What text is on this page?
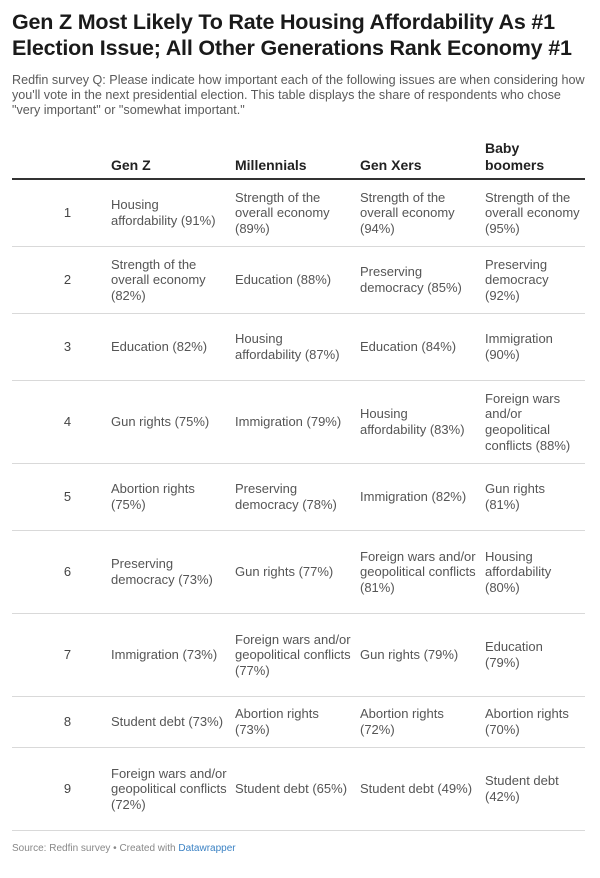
Gen Z Most Likely To Rate Housing Affordability As #1 Election Issue; All Other Generations Rank Economy #1
Redfin survey Q: Please indicate how important each of the following issues are when considering how you'll vote in the next presidential election. This table displays the share of respondents who chose "very important" or "somewhat important."
	Gen Z	Millennials	Gen Xers	Baby boomers
1	Housing affordability (91%)	Strength of the overall economy (89%)	Strength of the overall economy (94%)	Strength of the overall economy (95%)
2	Strength of the overall economy (82%)	Education (88%)	Preserving democracy (85%)	Preserving democracy (92%)
3	Education (82%)	Housing affordability (87%)	Education (84%)	Immigration (90%)
4	Gun rights (75%)	Immigration (79%)	Housing affordability (83%)	Foreign wars and/or geopolitical conflicts (88%)
5	Abortion rights (75%)	Preserving democracy (78%)	Immigration (82%)	Gun rights (81%)
6	Preserving democracy (73%)	Gun rights (77%)	Foreign wars and/or geopolitical conflicts (81%)	Housing affordability (80%)
7	Immigration (73%)	Foreign wars and/or geopolitical conflicts (77%)	Gun rights (79%)	Education (79%)
8	Student debt (73%)	Abortion rights (73%)	Abortion rights (72%)	Abortion rights (70%)
9	Foreign wars and/or geopolitical conflicts (72%)	Student debt (65%)	Student debt (49%)	Student debt (42%)
Source: Redfin survey • Created with Datawrapper
